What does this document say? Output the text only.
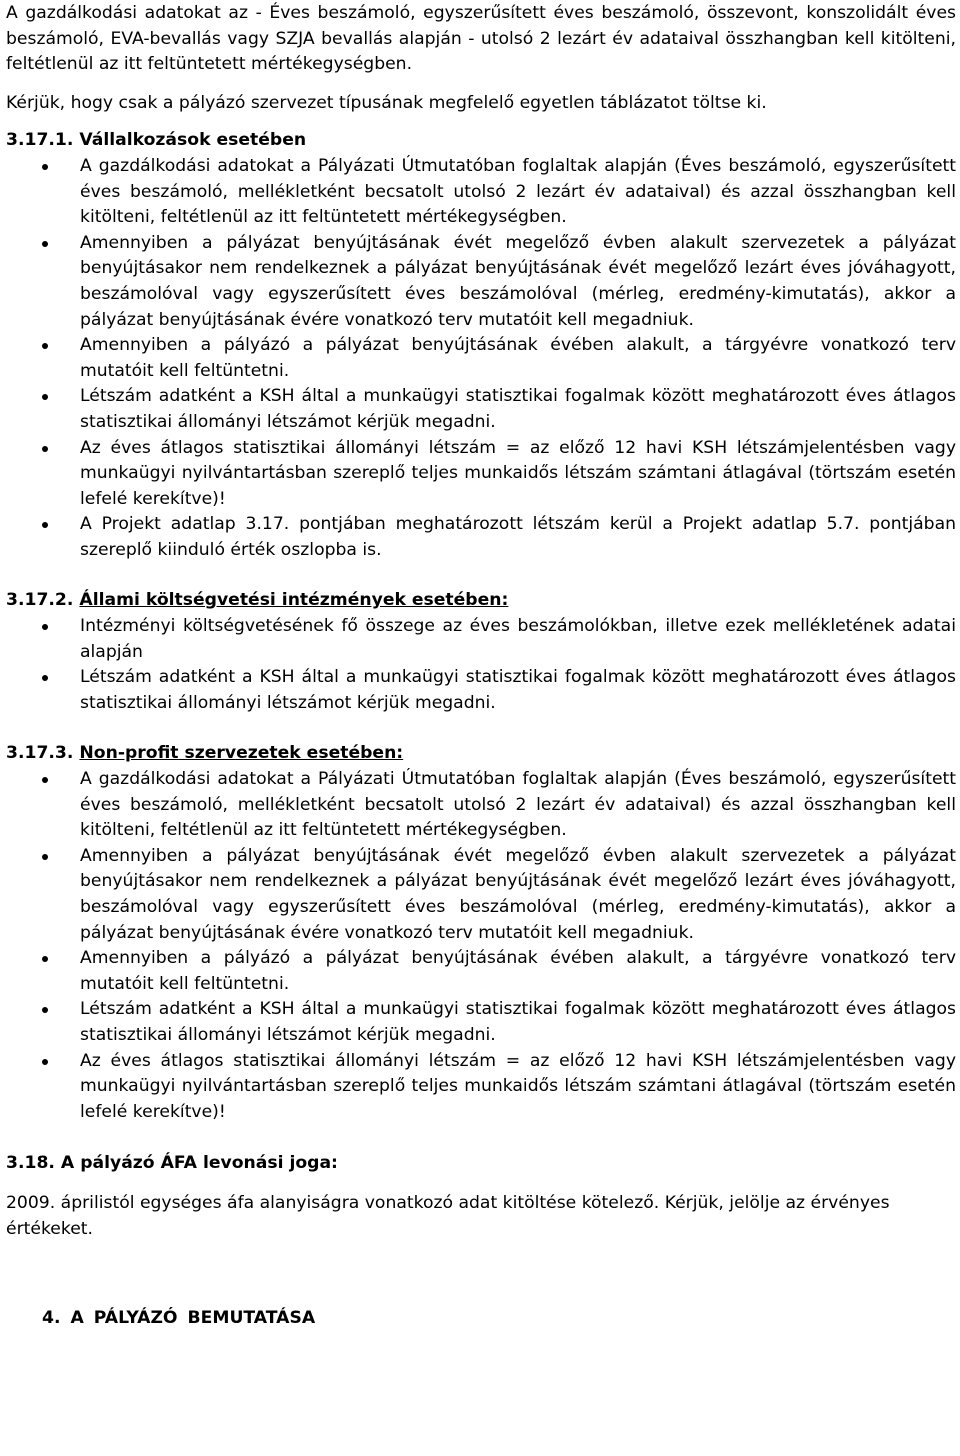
A gazdálkodási adatokat az - Éves beszámoló, egyszerűsített éves beszámoló, összevont, konszolidált éves beszámoló, EVA-bevallás vagy SZJA bevallás alapján - utolsó 2 lezárt év adataival összhangban kell kitölteni, feltétlenül az itt feltüntetett mértékegységben.

Kérjük, hogy csak a pályázó szervezet típusának megfelelő egyetlen táblázatot töltse ki.

3.17.1. Vállalkozások esetében
A gazdálkodási adatokat a Pályázati Útmutatóban foglaltak alapján (Éves beszámoló, egyszerűsített éves beszámoló, mellékletként becsatolt utolsó 2 lezárt év adataival) és azzal összhangban kell kitölteni, feltétlenül az itt feltüntetett mértékegységben.
Amennyiben a pályázat benyújtásának évét megelőző évben alakult szervezetek a pályázat benyújtásakor nem rendelkeznek a pályázat benyújtásának évét megelőző lezárt éves jóváhagyott, beszámolóval vagy egyszerűsített éves beszámolóval (mérleg, eredmény-kimutatás), akkor a pályázat benyújtásának évére vonatkozó terv mutatóit kell megadniuk.
Amennyiben a pályázó a pályázat benyújtásának évében alakult, a tárgyévre vonatkozó terv mutatóit kell feltüntetni.
Létszám adatként a KSH által a munkaügyi statisztikai fogalmak között meghatározott éves átlagos statisztikai állományi létszámot kérjük megadni.
Az éves átlagos statisztikai állományi létszám = az előző 12 havi KSH létszámjelentésben vagy munkaügyi nyilvántartásban szereplő teljes munkaidős létszám számtani átlagával (törtszám esetén lefelé kerekítve)!
A Projekt adatlap 3.17. pontjában meghatározott létszám kerül a Projekt adatlap 5.7. pontjában szereplő kiinduló érték oszlopba is.
3.17.2. Állami költségvetési intézmények esetében:
Intézményi költségvetésének fő összege az éves beszámolókban, illetve ezek mellékletének adatai alapján
Létszám adatként a KSH által a munkaügyi statisztikai fogalmak között meghatározott éves átlagos statisztikai állományi létszámot kérjük megadni.
3.17.3. Non-profit szervezetek esetében:
A gazdálkodási adatokat a Pályázati Útmutatóban foglaltak alapján (Éves beszámoló, egyszerűsített éves beszámoló, mellékletként becsatolt utolsó 2 lezárt év adataival) és azzal összhangban kell kitölteni, feltétlenül az itt feltüntetett mértékegységben.
Amennyiben a pályázat benyújtásának évét megelőző évben alakult szervezetek a pályázat benyújtásakor nem rendelkeznek a pályázat benyújtásának évét megelőző lezárt éves jóváhagyott, beszámolóval vagy egyszerűsített éves beszámolóval (mérleg, eredmény-kimutatás), akkor a pályázat benyújtásának évére vonatkozó terv mutatóit kell megadniuk.
Amennyiben a pályázó a pályázat benyújtásának évében alakult, a tárgyévre vonatkozó terv mutatóit kell feltüntetni.
Létszám adatként a KSH által a munkaügyi statisztikai fogalmak között meghatározott éves átlagos statisztikai állományi létszámot kérjük megadni.
Az éves átlagos statisztikai állományi létszám = az előző 12 havi KSH létszámjelentésben vagy munkaügyi nyilvántartásban szereplő teljes munkaidős létszám számtani átlagával (törtszám esetén lefelé kerekítve)!
3.18. A pályázó ÁFA levonási joga:

2009. áprilistól egységes áfa alanyiságra vonatkozó adat kitöltése kötelező. Kérjük, jelölje az érvényes értékeket.

4. A PÁLYÁZÓ BEMUTATÁSA
